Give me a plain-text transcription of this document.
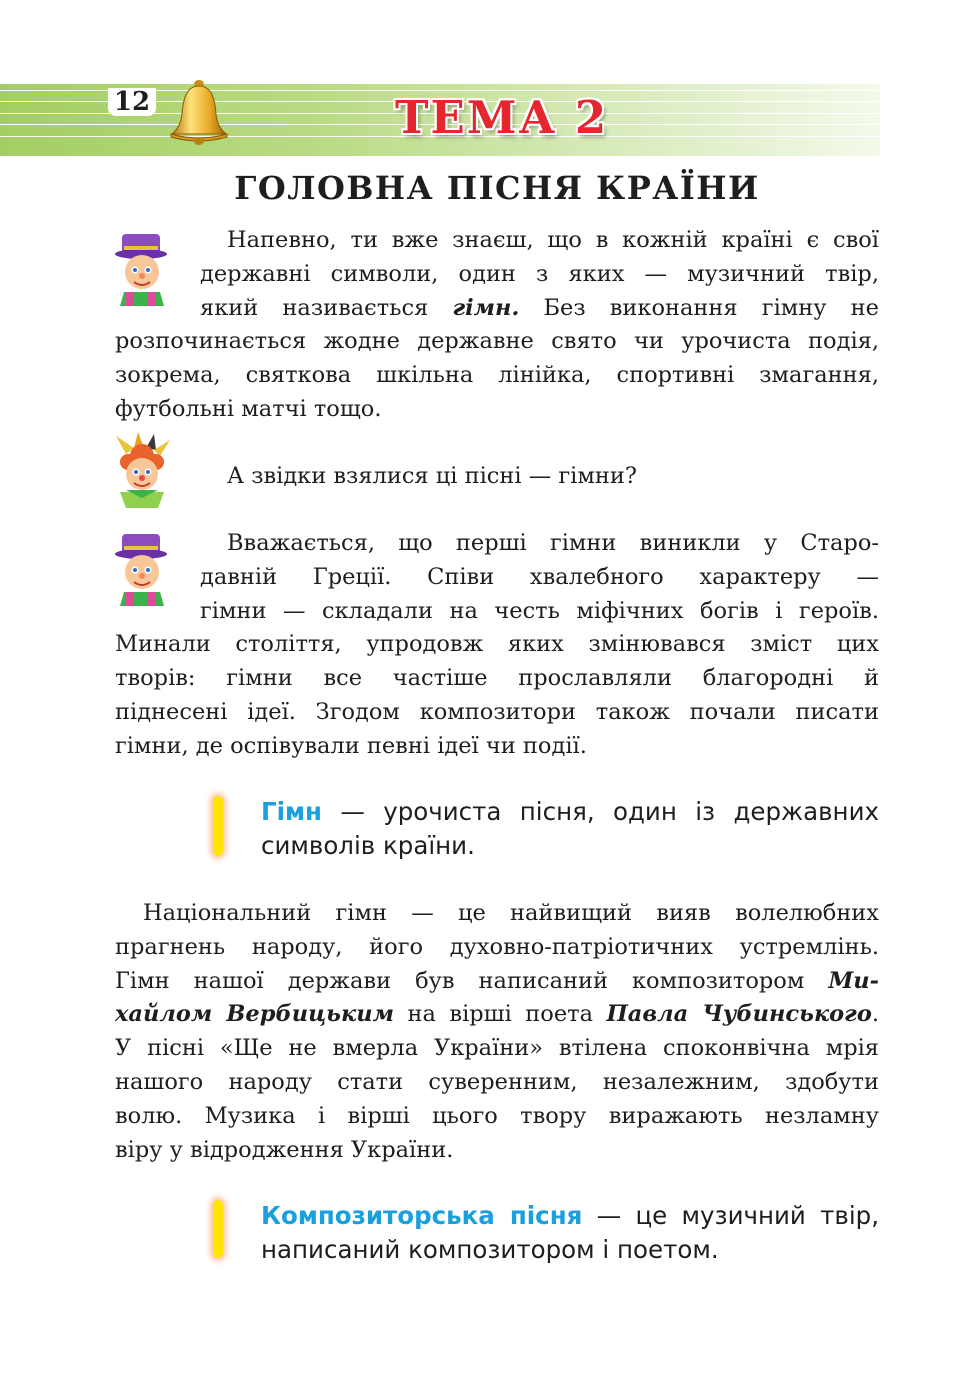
12	ТЕМА 2
ГОЛОВНА ПІСНЯ КРАЇНИ
Напевно, ти вже знаєш, що в кожній країні є свої
державні символи, один з яких — музичний твір,
який називається гімн. Без виконання гімну не
розпочинається жодне державне свято чи урочиста подія,
зокрема, святкова шкільна лінійка, спортивні змагання,
футбольні матчі тощо.
А звідки взялися ці пісні — гімни?
Вважається, що перші гімни виникли у Старо-
давній Греції. Співи хвалебного характеру —
гімни — складали на честь міфічних богів і героїв.
Минали століття, упродовж яких змінювався зміст цих
творів: гімни все частіше прославляли благородні й
піднесені ідеї. Згодом композитори також почали писати
гімни, де оспівували певні ідеї чи події.
Гімн — урочиста пісня, один із державних
символів країни.
Національний гімн — це найвищий вияв волелюбних
прагнень народу, його духовно-патріотичних устремлінь.
Гімн нашої держави був написаний композитором Ми-
хайлом Вербицьким на вірші поета Павла Чубинського.
У пісні «Ще не вмерла України» втілена споконвічна мрія
нашого народу стати суверенним, незалежним, здобути
волю. Музика і вірші цього твору виражають незламну
віру у відродження України.
Композиторська пісня — це музичний твір,
написаний композитором і поетом.
